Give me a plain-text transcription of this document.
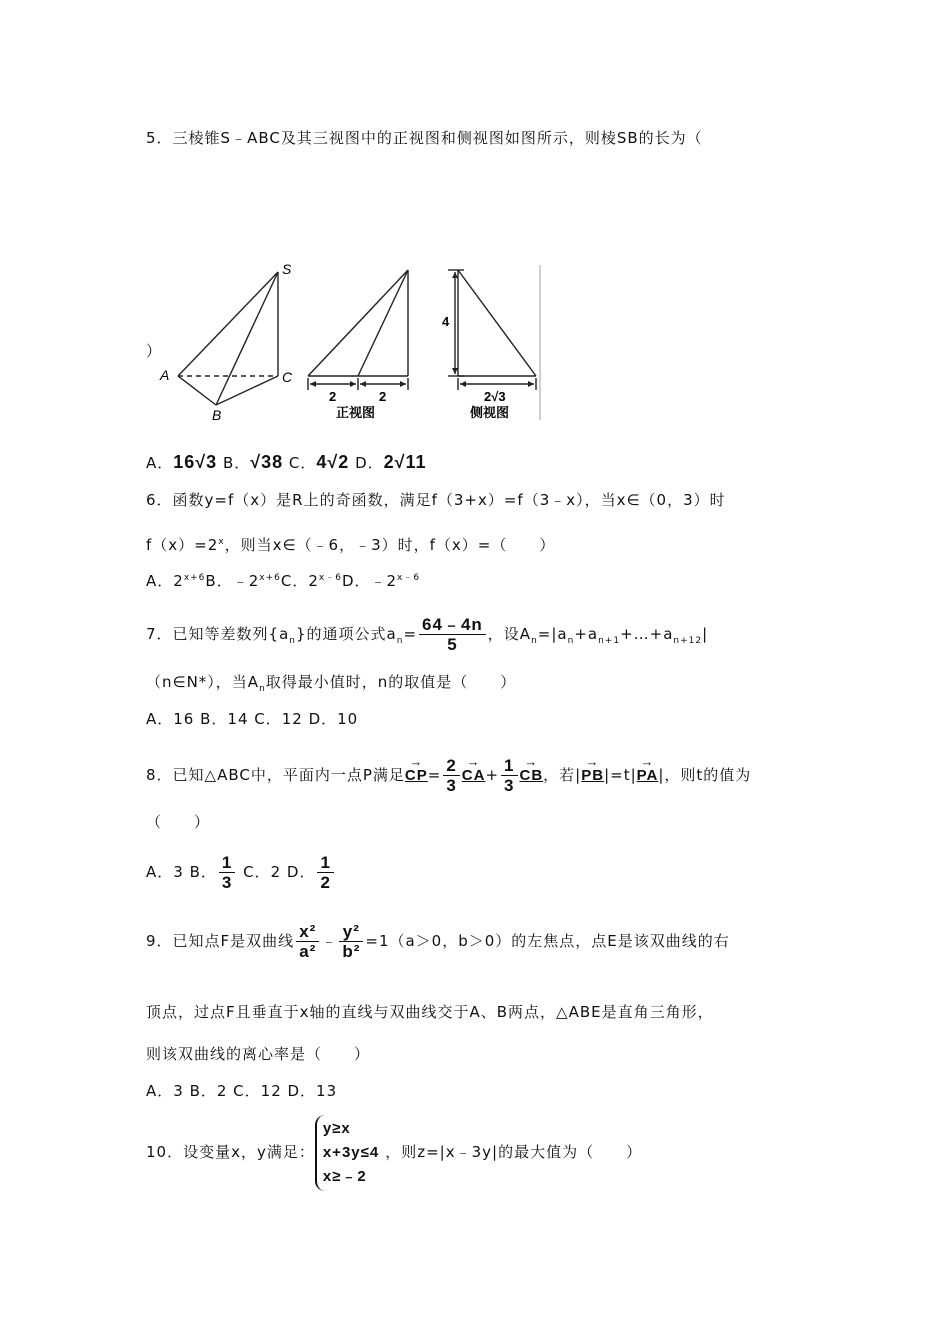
5．三棱锥S﹣ABC及其三视图中的正视图和侧视图如图所示，则棱SB的长为（
S
A
B
C
2	2
正视图
4
2√3
侧视图
）
A．16√3 B．√38 C．4√2 D．2√11
6．函数y=f（x）是R上的奇函数，满足f（3+x）=f（3﹣x），当x∈（0，3）时
$f(x)=2^x$，则当x∈（﹣6，﹣3）时，f（x）=（　　）
A．$2^{x+6}B$．$﹣2^{x+6}C$．$2^{x﹣6}D$．$﹣2^{x﹣6}$
7．已知等差数列$\{a_n\}$的通项公式$a_n= \frac{64﹣4n}{5}$ ，设$A_n=|a_n+a_{n+1}+\dots+a_{n+12}|$
（n∈N*），当$A_n$取得最小值时，n的取值是（　　）
A．16 B．14 C．12 D．10
8．已知△ABC中，平面内一点P满足→ $CP= \frac{2}{3}$
→ $CA+ \frac{1}{3}$
→ CB，若|→ PB|=t|→ PA|，则t的值为
（　　）
A．3 B． $\frac{1}{3}$ C．2 D． $\frac{1}{2}$
9．已知点F是双曲线 $\frac{\text{x²}}{\text{a²}}$ ﹣ $\frac{\text{y²}}{\text{b²}} =1(a>0$，b＞0）的左焦点，点E是该双曲线的右
顶点，过点F且垂直于x轴的直线与双曲线交于A、B两点，△ABE是直角三角形，
则该双曲线的离心率是（　　）
A．3 B．2 C．12 D．13
10．设变量x，y满足：
y≥x
x+3y≤4
x≥﹣2
，则z=|x﹣3y|的最大值为（　　）
